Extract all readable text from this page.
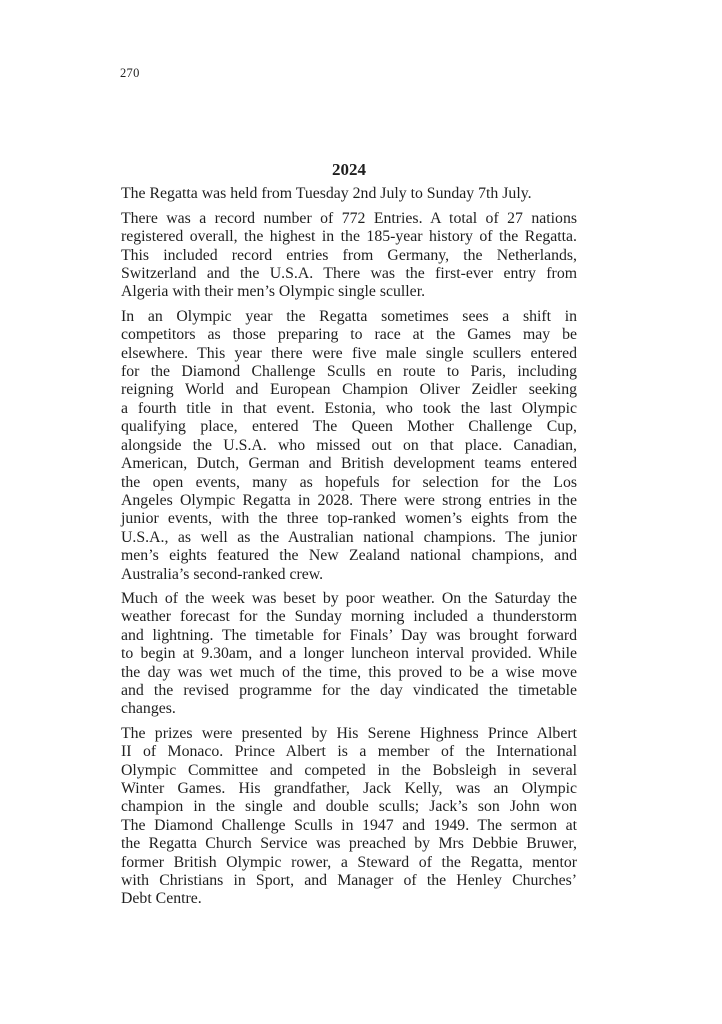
270
2024

The Regatta was held from Tuesday 2nd July to Sunday 7th July.

There was a record number of 772 Entries. A total of 27 nations
registered overall, the highest in the 185-year history of the Regatta.
This included record entries from Germany, the Netherlands,
Switzerland and the U.S.A. There was the first-ever entry from
Algeria with their men’s Olympic single sculler.

In an Olympic year the Regatta sometimes sees a shift in
competitors as those preparing to race at the Games may be
elsewhere. This year there were five male single scullers entered
for the Diamond Challenge Sculls en route to Paris, including
reigning World and European Champion Oliver Zeidler seeking
a fourth title in that event. Estonia, who took the last Olympic
qualifying place, entered The Queen Mother Challenge Cup,
alongside the U.S.A. who missed out on that place. Canadian,
American, Dutch, German and British development teams entered
the open events, many as hopefuls for selection for the Los
Angeles Olympic Regatta in 2028. There were strong entries in the
junior events, with the three top-ranked women’s eights from the
U.S.A., as well as the Australian national champions. The junior
men’s eights featured the New Zealand national champions, and
Australia’s second-ranked crew.

Much of the week was beset by poor weather. On the Saturday the
weather forecast for the Sunday morning included a thunderstorm
and lightning. The timetable for Finals’ Day was brought forward
to begin at 9.30am, and a longer luncheon interval provided. While
the day was wet much of the time, this proved to be a wise move
and the revised programme for the day vindicated the timetable
changes.

The prizes were presented by His Serene Highness Prince Albert
II of Monaco. Prince Albert is a member of the International
Olympic Committee and competed in the Bobsleigh in several
Winter Games. His grandfather, Jack Kelly, was an Olympic
champion in the single and double sculls; Jack’s son John won
The Diamond Challenge Sculls in 1947 and 1949. The sermon at
the Regatta Church Service was preached by Mrs Debbie Bruwer,
former British Olympic rower, a Steward of the Regatta, mentor
with Christians in Sport, and Manager of the Henley Churches’
Debt Centre.
